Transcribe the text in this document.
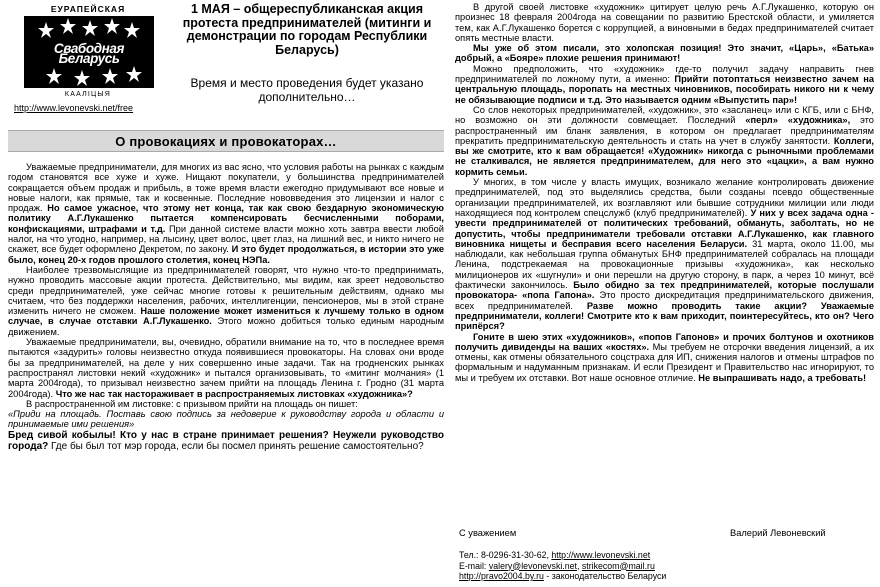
ЕУРАПЕЙСКАЯ
Свабодная Беларусь
КААЛІЦЫЯ
http://www.levonevski.net/free
1 МАЯ – общереспубликанская акция протеста предпринимателей (митинги и демонстрации по городам Республики Беларусь)
Время и место проведения будет указано дополнительно…
О провокациях и провокаторах…

Уважаемые предприниматели, для многих из вас ясно, что условия работы на рынках с каждым годом становятся все хуже и хуже. Нищают покупатели, у большинства предпринимателей сокращается объем продаж и прибыль, в тоже время власти ежегодно придумывают все новые и новые налоги, как прямые, так и косвенные. Последние нововведения это лицензии и налог с продаж. Но самое ужасное, что этому нет конца, так как свою бездарную экономическую политику А.Г.Лукашенко пытается компенсировать бесчисленными поборами, конфискациями, штрафами и т.д. При данной системе власти можно хоть завтра ввести любой налог, на что угодно, например, на лысину, цвет волос, цвет глаз, на лишний вес, и никто ничего не скажет, все будет оформлено Декретом, по закону. И это будет продолжаться, в истории это уже было, конец 20-х годов прошлого столетия, конец НЭПа.

Наиболее трезвомыслящие из предпринимателей говорят, что нужно что-то предпринимать, нужно проводить массовые акции протеста. Действительно, мы видим, как зреет недовольство среди предпринимателей, уже сейчас многие готовы к решительным действиям, однако мы считаем, что без поддержки населения, рабочих, интеллигенции, пенсионеров, мы в этой стране изменить ничего не сможем. Наше положение может измениться к лучшему только в одном случае, в случае отставки А.Г.Лукашенко. Этого можно добиться только единым народным движением.

Уважаемые предприниматели, вы, очевидно, обратили внимание на то, что в последнее время пытаются «задурить» головы неизвестно откуда появившиеся провокаторы. На словах они вроде бы за предпринимателей, на деле у них совершенно иные задачи. Так на гродненских рынках распространял листовки некий «художник» и пытался организовывать, то «митинг молчания» (1 марта 2004года), то призывал неизвестно зачем прийти на площадь Ленина г. Гродно (31 марта 2004года). Что же нас так настораживает в распространяемых листовках «художника»?

В распространенной им листовке: с призывом прийти на площадь он пишет:

«Приди на площадь. Поставь свою подпись за недоверие к руководству города и области и принимаемые ими решения»

Бред сивой кобылы! Кто у нас в стране принимает решения? Неужели руководство города? Где бы был тот мэр города, если бы посмел принять решение самостоятельно?

В другой своей листовке «художник» цитирует целую речь А.Г.Лукашенко, которую он произнес 18 февраля 2004года на совещании по развитию Брестской области, и умиляется тем, как А.Г.Лукашенко борется с коррупцией, а виновными в бедах предпринимателей считает опять местные власти.

Мы уже об этом писали, это холопская позиция! Это значит, «Царь», «Батька» добрый, а «Бояре» плохие решения принимают!

Можно предположить, что «художник» где-то получил задачу направить гнев предпринимателей по ложному пути, а именно: Прийти потоптаться неизвестно зачем на центральную площадь, поропать на местных чиновников, пособирать никого ни к чему не обязывающие подписи и т.д. Это называется одним «Выпустить пар»!

Со слов некоторых предпринимателей, «художник», это «засланец» или с КГБ, или с БНФ, но возможно он эти должности совмещает. Последний «перл» «художника», это распространенный им бланк заявления, в котором он предлагает предпринимателям прекратить предпринимательскую деятельность и стать на учет в службу занятости. Коллеги, вы же смотрите, кто к вам обращается! «Художник» никогда с рыночными проблемами не сталкивался, не является предпринимателем, для него это «цацки», а вам нужно кормить семьи.

У многих, в том числе у власть имущих, возникало желание контролировать движение предпринимателей, под это выделялись средства, были созданы псевдо общественные организации предпринимателей, их возглавляют или бывшие сотрудники милиции или люди находящиеся под контролем спецслужб (клуб предпринимателей). У них у всех задача одна - увести предпринимателей от политических требований, обмануть, заболтать, но не допустить, чтобы предприниматели требовали отставки А.Г.Лукашенко, как главного виновника нищеты и бесправия всего населения Беларуси. 31 марта, около 11.00, мы наблюдали, как небольшая группа обманутых БНФ предпринимателей собралась на площади Ленина, подстрекаемая на провокационные призывы «художника», как несколько милиционеров их «шугнули» и они перешли на другую сторону, в парк, а через 10 минут, всё фактически закончилось. Было обидно за тех предпринимателей, которые послушали провокатора- «попа Гапона». Это просто дискредитация предпринимательского движения, всех предпринимателей. Разве можно проводить такие акции? Уважаемые предприниматели, коллеги! Смотрите кто к вам приходит, поинтересуйтесь, кто он? Чего припёрся?

Гоните в шею этих «художников», «попов Гапонов» и прочих болтунов и охотников получить дивиденды на ваших «костях». Мы требуем не отсрочки введения лицензий, а их отмены, как отмены обязательного соцстраха для ИП, снижения налогов и отмены штрафов по формальным и надуманным признакам. И если Президент и Правительство нас игнорируют, то мы и требуем их отставки. Вот наше основное отличие. Не выпрашивать надо, а требовать!

С уважением	Валерий Левоневский
Тел.: 8-0296-31-30-62, http://www.levonevski.net
E-mail: valery@levonevski.net, strikecom@mail.ru
http://pravo2004.by.ru - законодательство Беларуси
